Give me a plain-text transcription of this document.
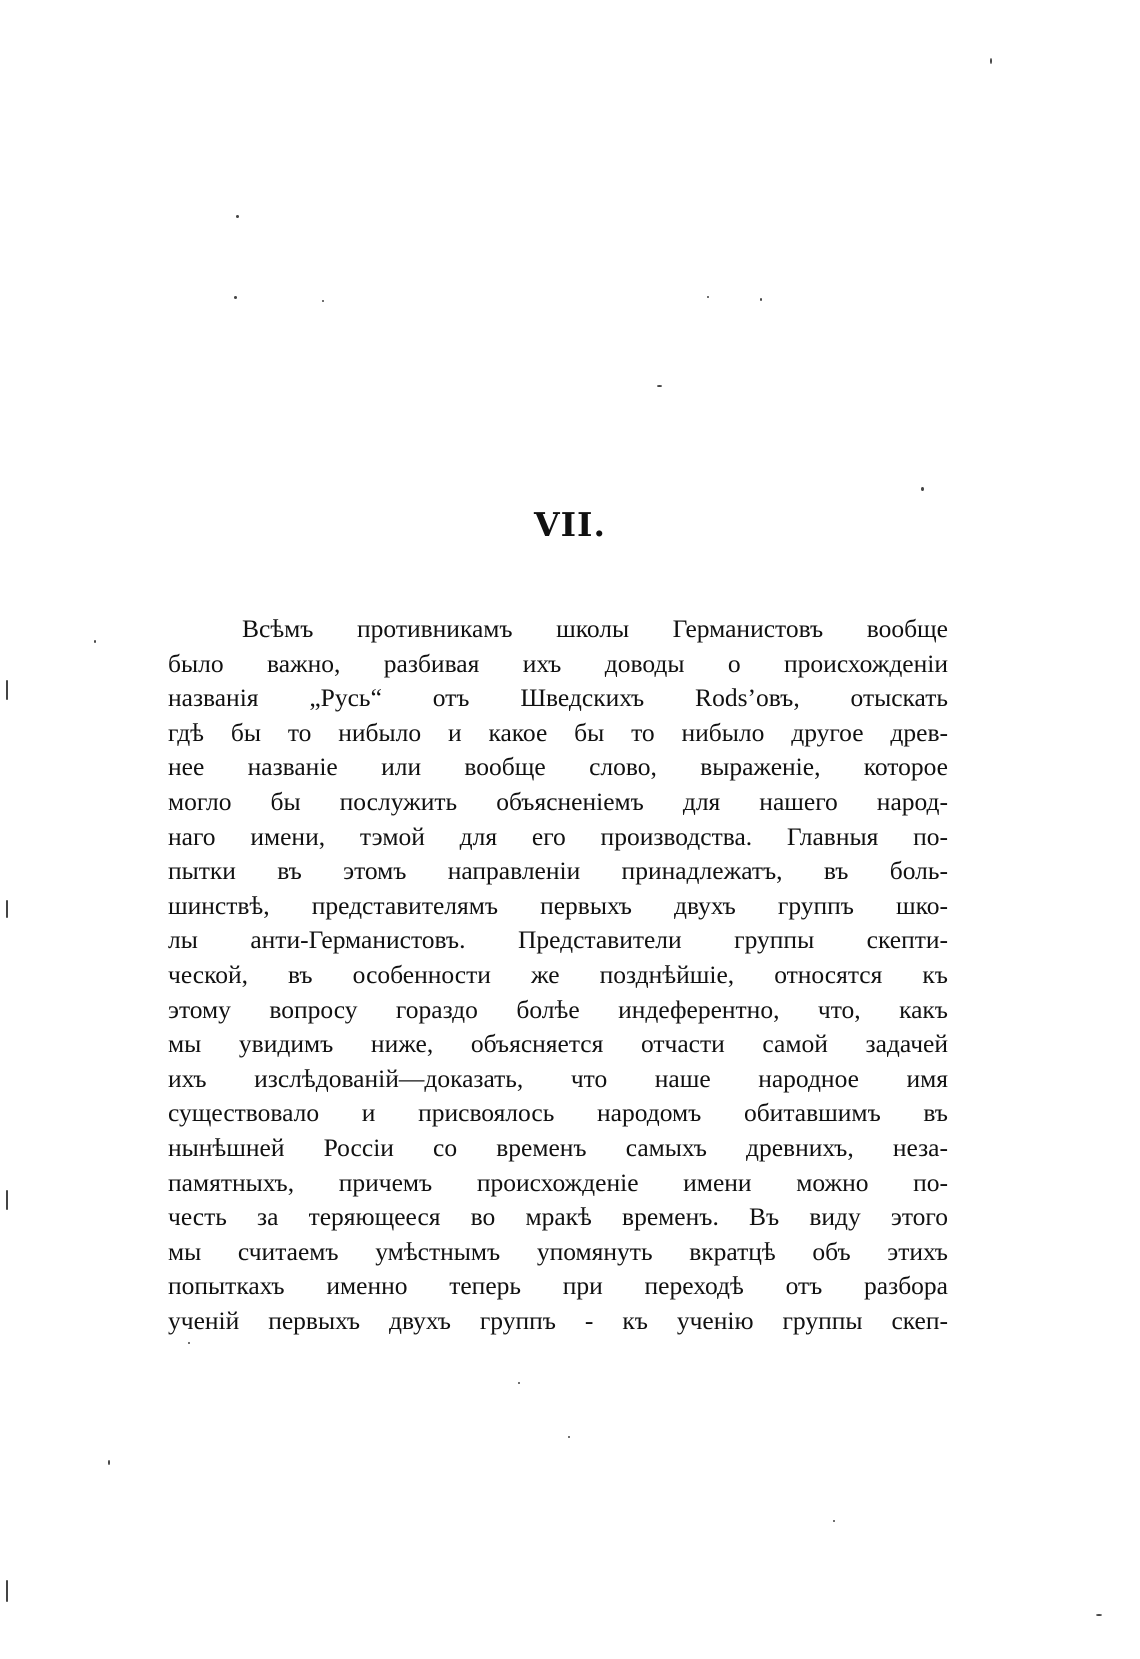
VII.
Всѣмъ противникамъ школы Германистовъ вообще
было важно, разбивая ихъ доводы о происхожденіи
названія „Русь“ отъ Шведскихъ Rods’овъ, отыскать
гдѣ бы то нибыло и какое бы то нибыло другое древ-
нее названіе или вообще слово, выраженіе, которое
могло бы послужить объясненіемъ для нашего народ-
наго имени, тэмой для его производства. Главныя по-
пытки въ этомъ направленіи принадлежатъ, въ боль-
шинствѣ, представителямъ первыхъ двухъ группъ шко-
лы анти-Германистовъ. Представители группы скепти-
ческой, въ особенности же позднѣйшіе, относятся къ
этому вопросу гораздо болѣе индеферентно, что, какъ
мы увидимъ ниже, объясняется отчасти самой задачей
ихъ изслѣдованій—доказать, что наше народное имя
существовало и присвоялось народомъ обитавшимъ въ
нынѣшней Россіи со временъ самыхъ древнихъ, неза-
памятныхъ, причемъ происхожденіе имени можно по-
честь за теряющееся во мракѣ временъ. Въ виду этого
мы считаемъ умѣстнымъ упомянуть вкратцѣ объ этихъ
попыткахъ именно теперь при переходѣ отъ разбора
ученій первыхъ двухъ группъ - къ ученію группы скеп-
